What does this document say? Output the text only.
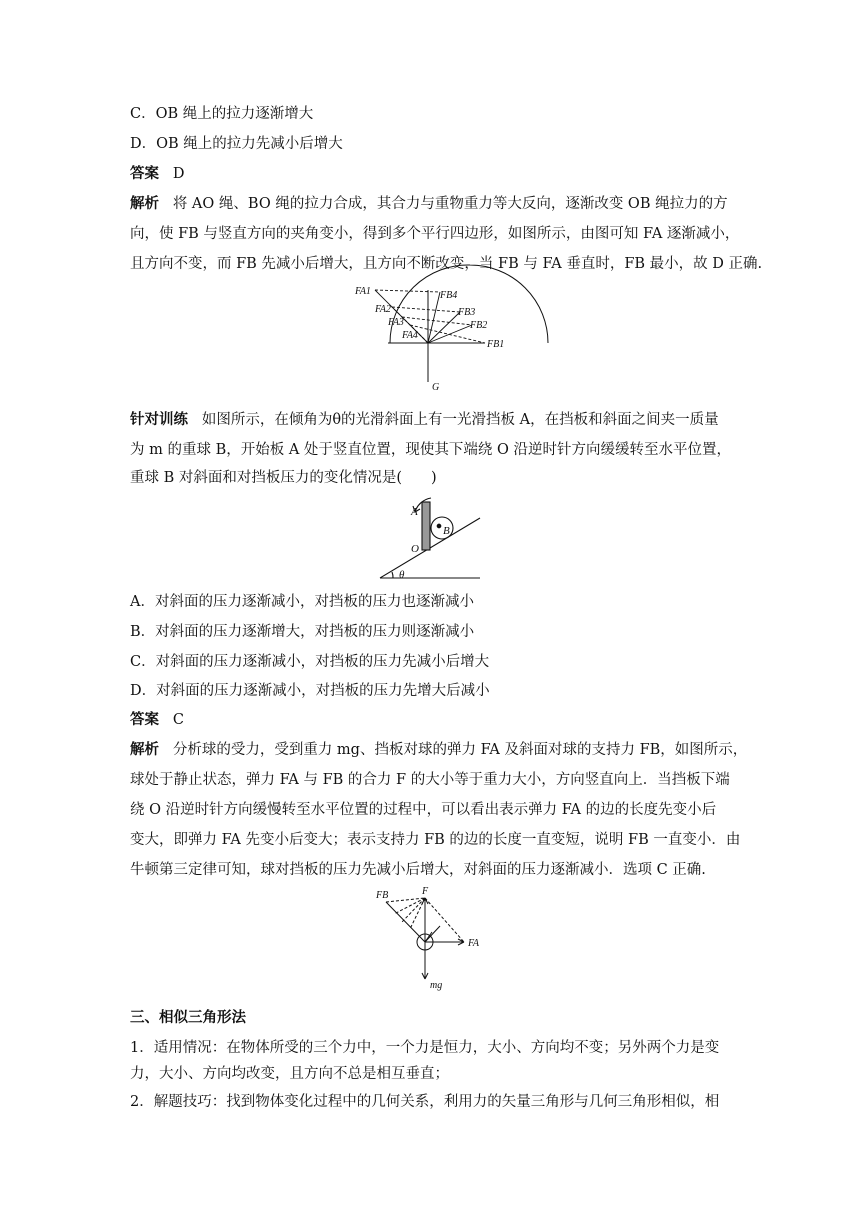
C．OB 绳上的拉力逐渐增大
D．OB 绳上的拉力先减小后增大
答案 D
解析 将 AO 绳、BO 绳的拉力合成，其合力与重物重力等大反向，逐渐改变 OB 绳拉力的方
向，使 FB 与竖直方向的夹角变小，得到多个平行四边形，如图所示，由图可知 FA 逐渐减小，
且方向不变，而 FB 先减小后增大，且方向不断改变，当 FB 与 FA 垂直时，FB 最小，故 D 正确.
FA1
FA2
FA3
FA4
FB4
FB3
FB2
FB1
G
针对训练 如图所示，在倾角为θ的光滑斜面上有一光滑挡板 A，在挡板和斜面之间夹一质量
为 m 的重球 B，开始板 A 处于竖直位置，现使其下端绕 O 沿逆时针方向缓缓转至水平位置，
重球 B 对斜面和对挡板压力的变化情况是(　　)
A
B
O
θ
A．对斜面的压力逐渐减小，对挡板的压力也逐渐减小
B．对斜面的压力逐渐增大，对挡板的压力则逐渐减小
C．对斜面的压力逐渐减小，对挡板的压力先减小后增大
D．对斜面的压力逐渐减小，对挡板的压力先增大后减小
答案 C
解析 分析球的受力，受到重力 mg、挡板对球的弹力 FA 及斜面对球的支持力 FB，如图所示，
球处于静止状态，弹力 FA 与 FB 的合力 F 的大小等于重力大小，方向竖直向上．当挡板下端
绕 O 沿逆时针方向缓慢转至水平位置的过程中，可以看出表示弹力 FA 的边的长度先变小后
变大，即弹力 FA 先变小后变大；表示支持力 FB 的边的长度一直变短，说明 FB 一直变小．由
牛顿第三定律可知，球对挡板的压力先减小后增大，对斜面的压力逐渐减小．选项 C 正确.
FB	F
FA
mg
三、相似三角形法
1．适用情况：在物体所受的三个力中，一个力是恒力，大小、方向均不变；另外两个力是变
力，大小、方向均改变，且方向不总是相互垂直；
2．解题技巧：找到物体变化过程中的几何关系，利用力的矢量三角形与几何三角形相似，相
